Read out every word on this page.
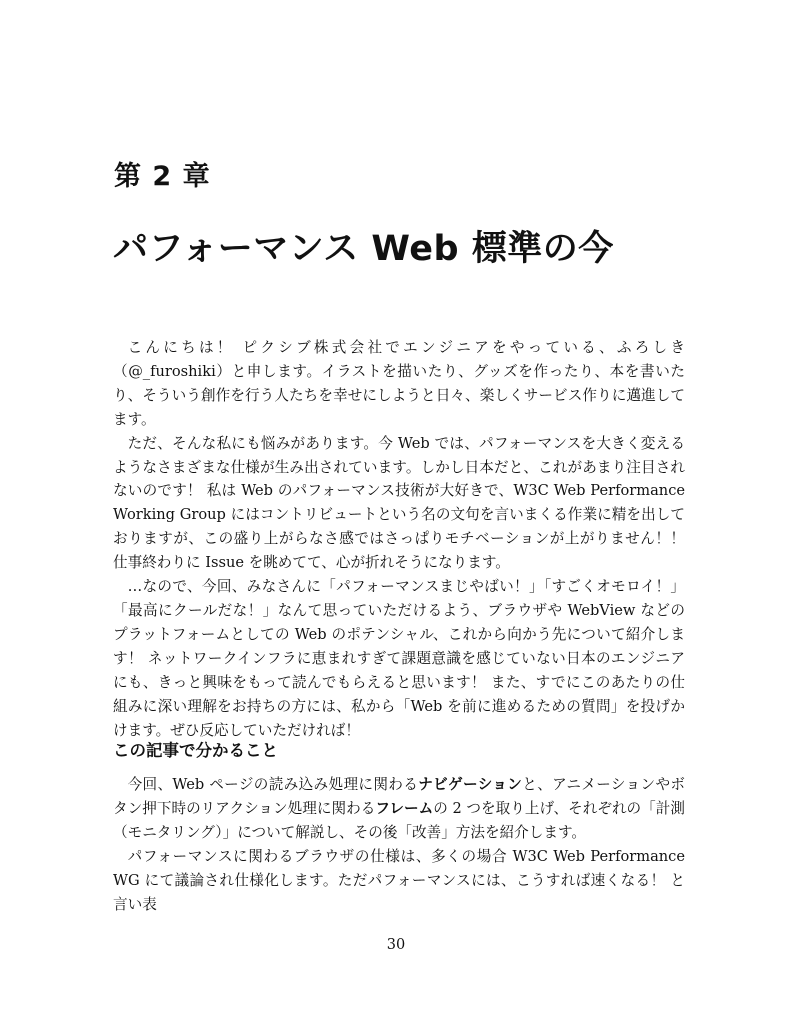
第 2 章
パフォーマンス Web 標準の今

こんにちは！ ピクシブ株式会社でエンジニアをやっている、ふろしき（@_furoshiki）と申します。イラストを描いたり、グッズを作ったり、本を書いたり、そういう創作を行う人たちを幸せにしようと日々、楽しくサービス作りに邁進してます。

ただ、そんな私にも悩みがあります。今 Web では、パフォーマンスを大きく変えるようなさまざまな仕様が生み出されています。しかし日本だと、これがあまり注目されないのです！ 私は Web のパフォーマンス技術が大好きで、W3C Web Performance Working Group にはコントリビュートという名の文句を言いまくる作業に精を出しておりますが、この盛り上がらなさ感ではさっぱりモチベーションが上がりません！！ 仕事終わりに Issue を眺めてて、心が折れそうになります。

…なので、今回、みなさんに「パフォーマンスまじやばい！」「すごくオモロイ！」「最高にクールだな！」なんて思っていただけるよう、ブラウザや WebView などのプラットフォームとしての Web のポテンシャル、これから向かう先について紹介します！ ネットワークインフラに恵まれすぎて課題意識を感じていない日本のエンジニアにも、きっと興味をもって読んでもらえると思います！ また、すでにこのあたりの仕組みに深い理解をお持ちの方には、私から「Web を前に進めるための質問」を投げかけます。ぜひ反応していただければ！

この記事で分かること

今回、Web ページの読み込み処理に関わるナビゲーションと、アニメーションやボタン押下時のリアクション処理に関わるフレームの 2 つを取り上げ、それぞれの「計測（モニタリング）」について解説し、その後「改善」方法を紹介します。

パフォーマンスに関わるブラウザの仕様は、多くの場合 W3C Web Performance WG にて議論され仕様化します。ただパフォーマンスには、こうすれば速くなる！ と言い表

30
